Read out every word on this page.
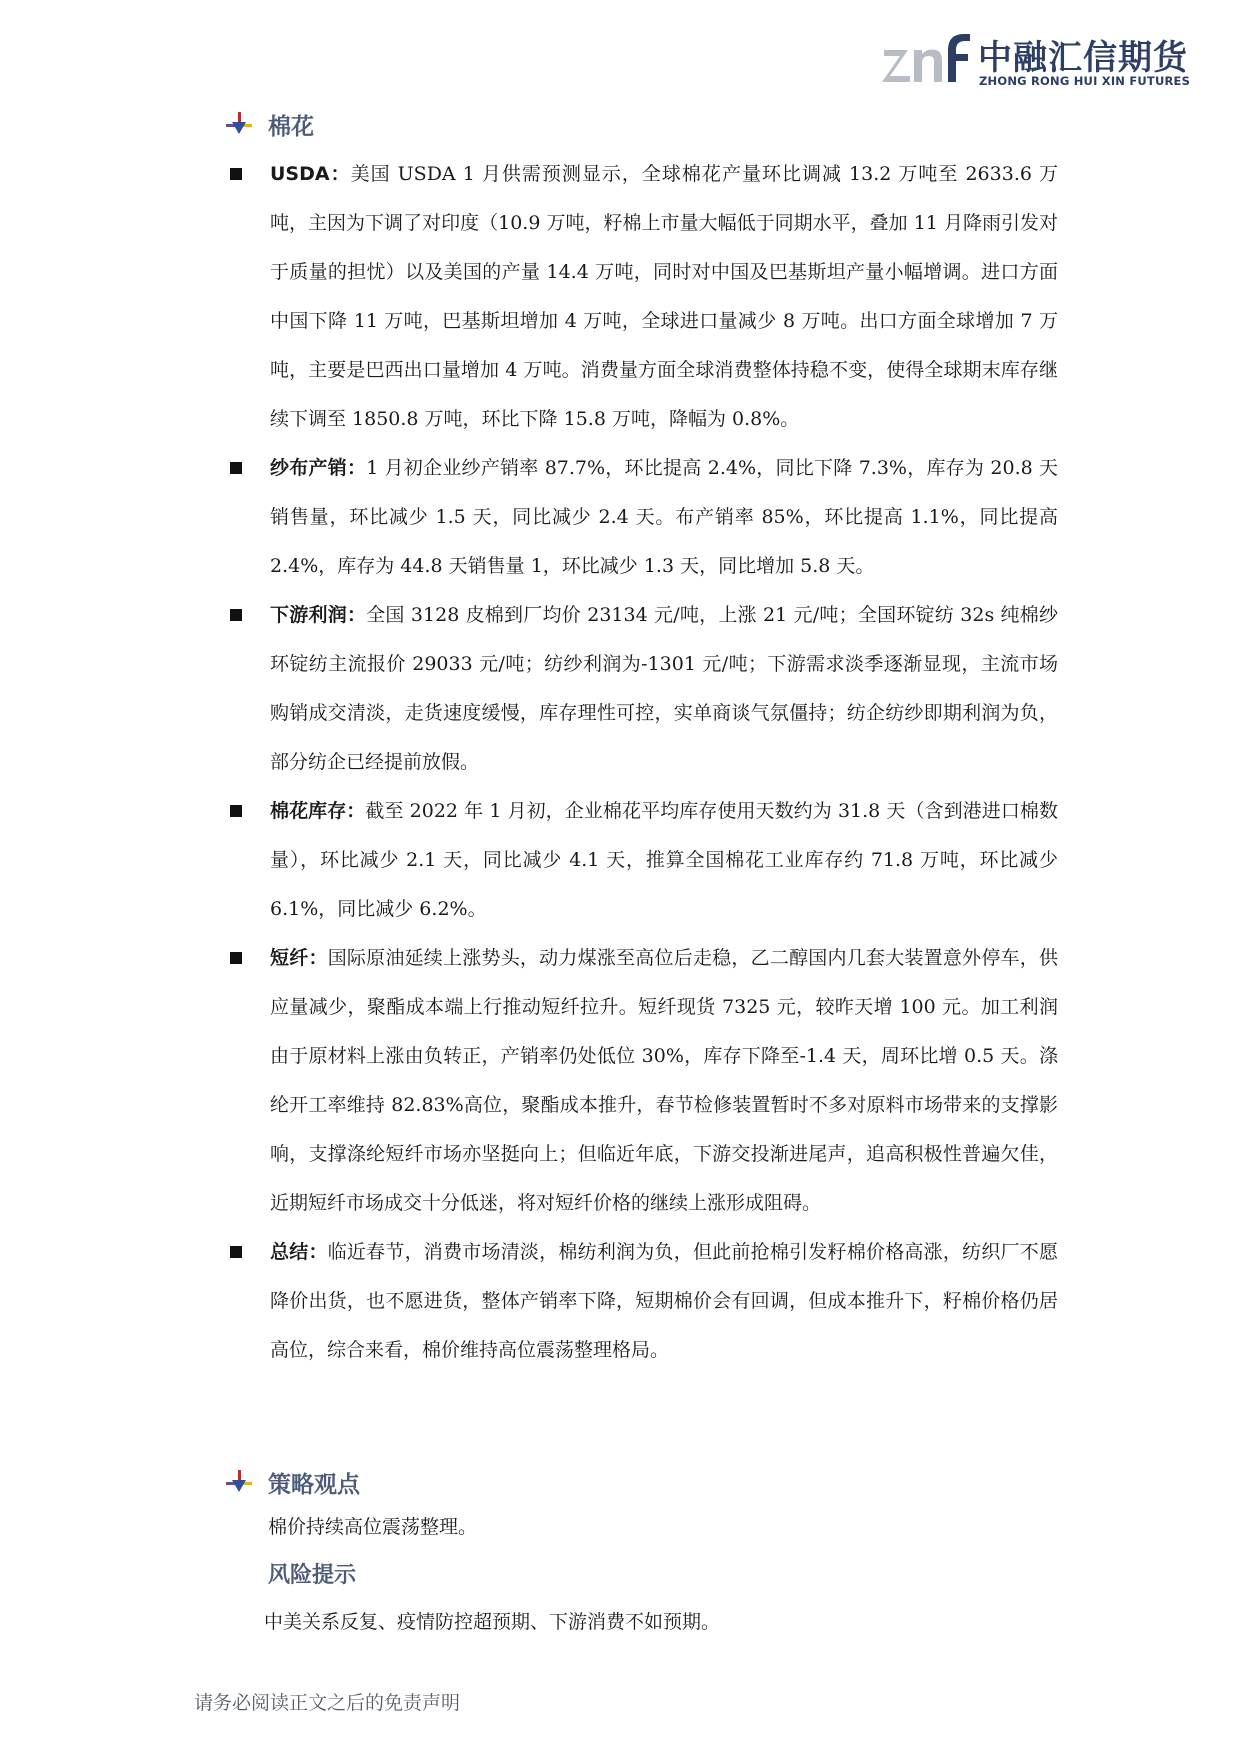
中融汇信期货
ZHONG RONG HUI XIN FUTURES
棉花
USDA：美国 USDA 1 月供需预测显示，全球棉花产量环比调减 13.2 万吨至 2633.6 万吨，主因为下调了对印度（10.9 万吨，籽棉上市量大幅低于同期水平，叠加 11 月降雨引发对于质量的担忧）以及美国的产量 14.4 万吨，同时对中国及巴基斯坦产量小幅增调。进口方面中国下降 11 万吨，巴基斯坦增加 4 万吨，全球进口量减少 8 万吨。出口方面全球增加 7 万吨，主要是巴西出口量增加 4 万吨。消费量方面全球消费整体持稳不变，使得全球期末库存继续下调至 1850.8 万吨，环比下降 15.8 万吨，降幅为 0.8%。
纱布产销：1 月初企业纱产销率 87.7%，环比提高 2.4%，同比下降 7.3%，库存为 20.8 天销售量，环比减少 1.5 天，同比减少 2.4 天。布产销率 85%，环比提高 1.1%，同比提高 2.4%，库存为 44.8 天销售量 1，环比减少 1.3 天，同比增加 5.8 天。
下游利润：全国 3128 皮棉到厂均价 23134 元/吨，上涨 21 元/吨；全国环锭纺 32s 纯棉纱环锭纺主流报价 29033 元/吨；纺纱利润为-1301 元/吨；下游需求淡季逐渐显现，主流市场购销成交清淡，走货速度缓慢，库存理性可控，实单商谈气氛僵持；纺企纺纱即期利润为负，部分纺企已经提前放假。
棉花库存：截至 2022 年 1 月初，企业棉花平均库存使用天数约为 31.8 天（含到港进口棉数量），环比减少 2.1 天，同比减少 4.1 天，推算全国棉花工业库存约 71.8 万吨，环比减少 6.1%，同比减少 6.2%。
短纤：国际原油延续上涨势头，动力煤涨至高位后走稳，乙二醇国内几套大装置意外停车，供应量减少，聚酯成本端上行推动短纤拉升。短纤现货 7325 元，较昨天增 100 元。加工利润由于原材料上涨由负转正，产销率仍处低位 30%，库存下降至-1.4 天，周环比增 0.5 天。涤纶开工率维持 82.83%高位，聚酯成本推升，春节检修装置暂时不多对原料市场带来的支撑影响，支撑涤纶短纤市场亦坚挺向上；但临近年底，下游交投渐进尾声，追高积极性普遍欠佳，近期短纤市场成交十分低迷，将对短纤价格的继续上涨形成阻碍。
总结：临近春节，消费市场清淡，棉纺利润为负，但此前抢棉引发籽棉价格高涨，纺织厂不愿降价出货，也不愿进货，整体产销率下降，短期棉价会有回调，但成本推升下，籽棉价格仍居高位，综合来看，棉价维持高位震荡整理格局。
策略观点
棉价持续高位震荡整理。
风险提示
中美关系反复、疫情防控超预期、下游消费不如预期。
请务必阅读正文之后的免责声明
